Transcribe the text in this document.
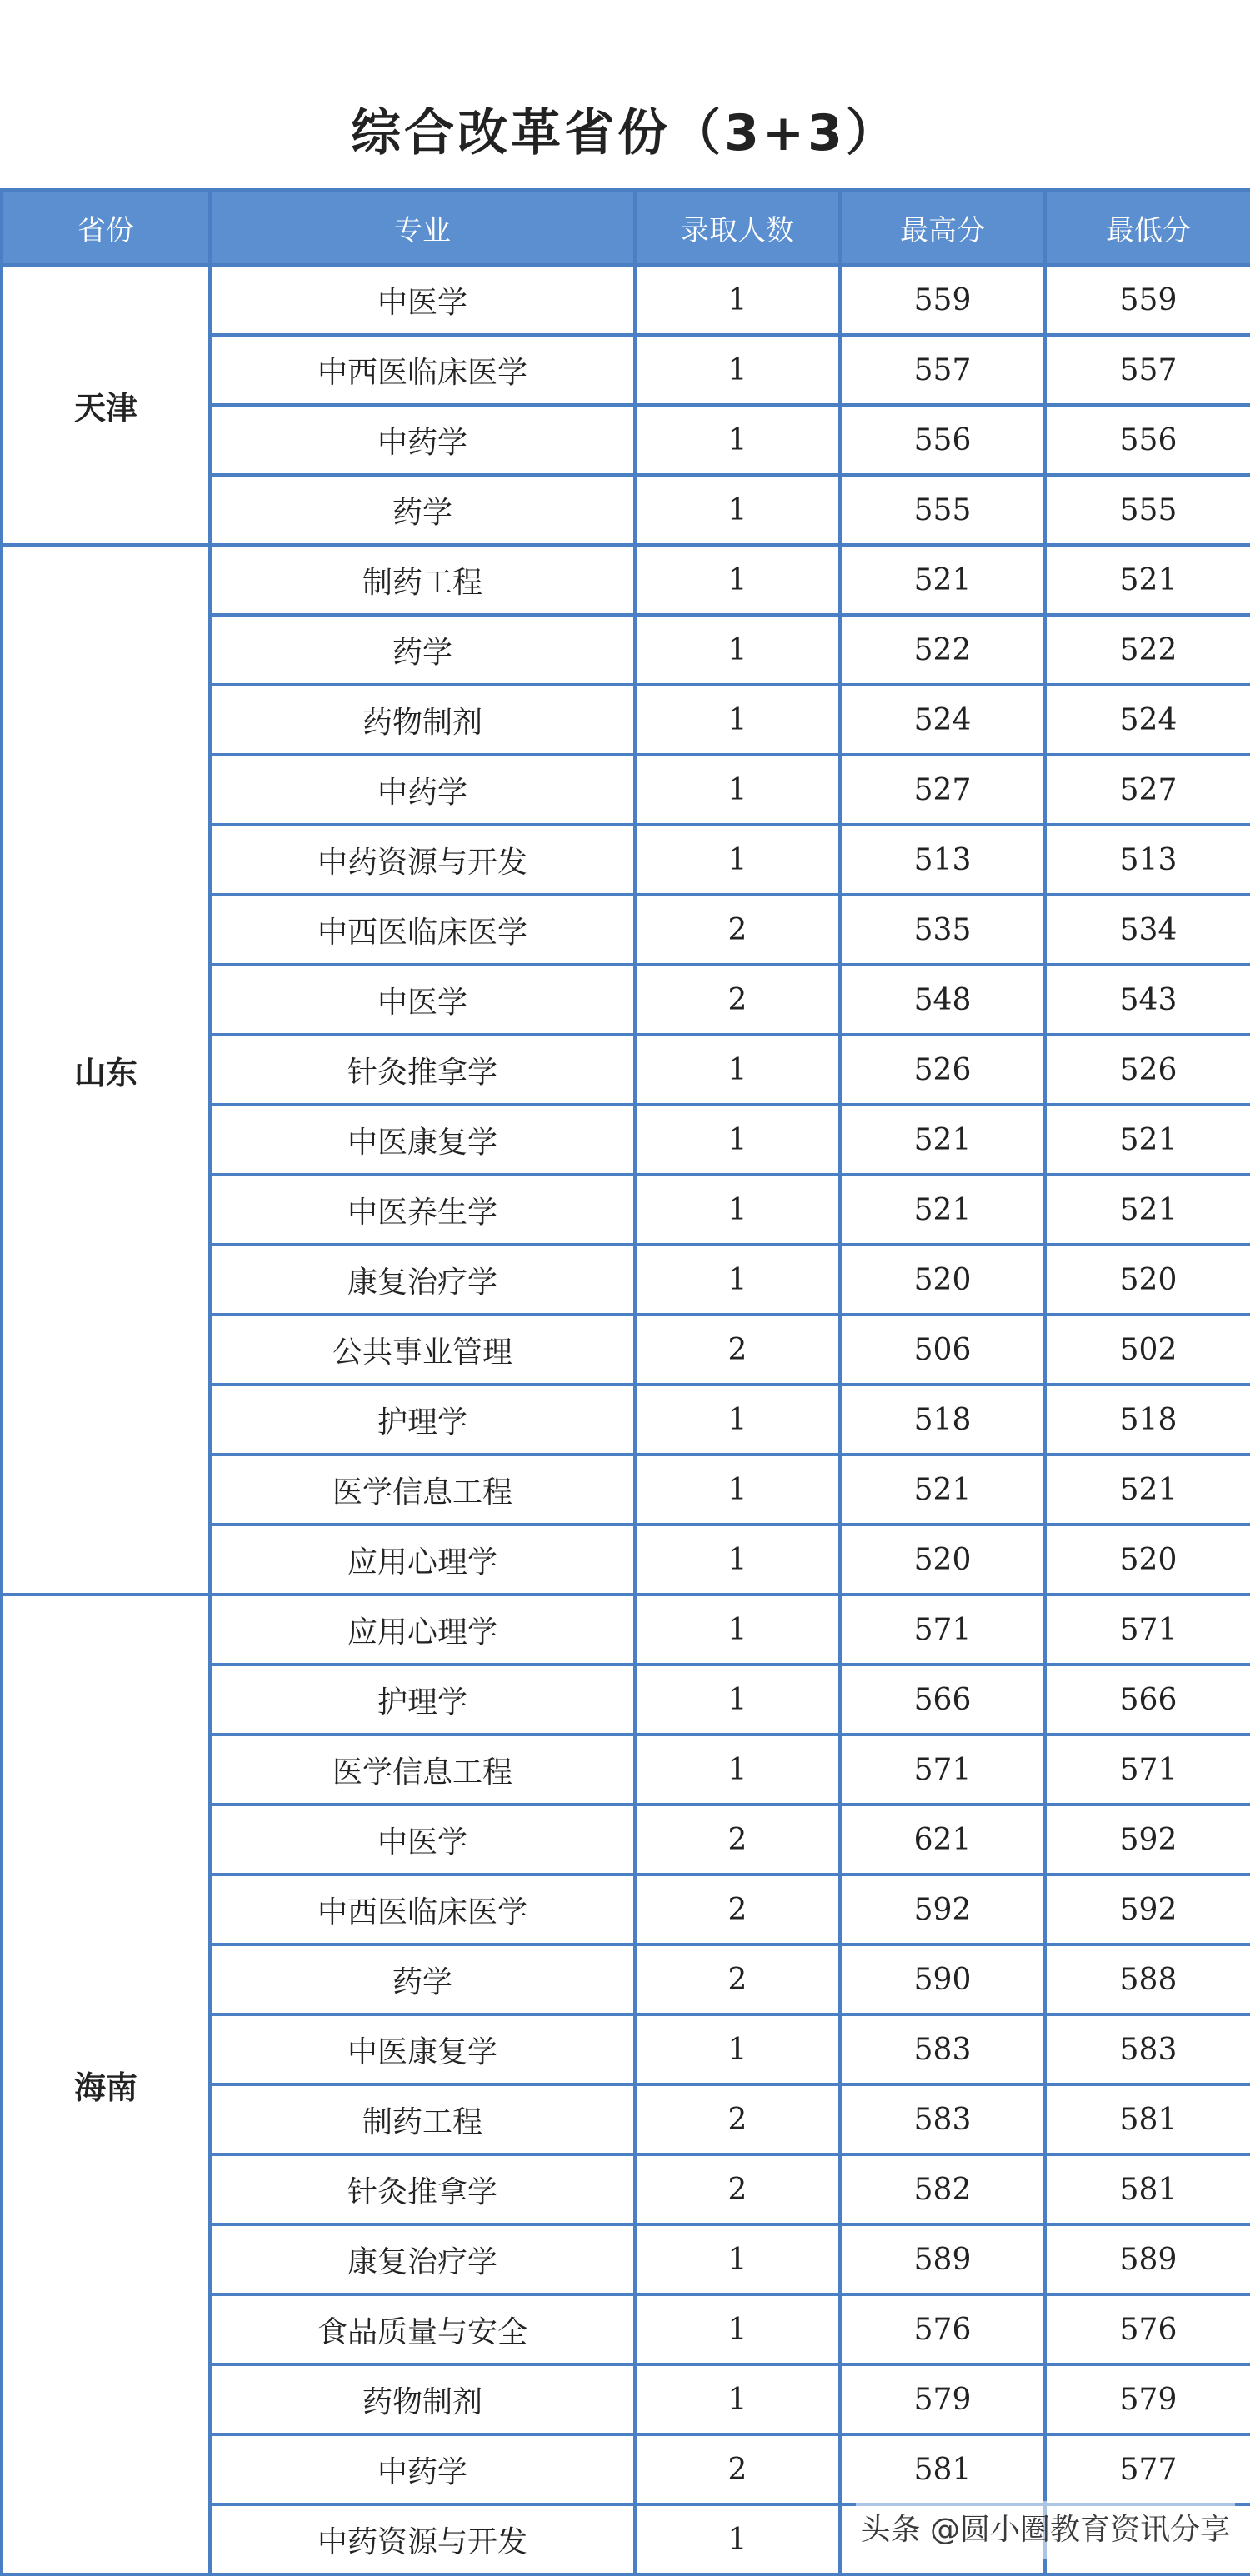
综合改革省份（3+3）
省份	专业	录取人数	最高分	最低分
天津	中医学	1	559	559
	中西医临床医学	1	557	557
	中药学	1	556	556
	药学	1	555	555
山东	制药工程	1	521	521
	药学	1	522	522
	药物制剂	1	524	524
	中药学	1	527	527
	中药资源与开发	1	513	513
	中西医临床医学	2	535	534
	中医学	2	548	543
	针灸推拿学	1	526	526
	中医康复学	1	521	521
	中医养生学	1	521	521
	康复治疗学	1	520	520
	公共事业管理	2	506	502
	护理学	1	518	518
	医学信息工程	1	521	521
	应用心理学	1	520	520
海南	应用心理学	1	571	571
	护理学	1	566	566
	医学信息工程	1	571	571
	中医学	2	621	592
	中西医临床医学	2	592	592
	药学	2	590	588
	中医康复学	1	583	583
	制药工程	2	583	581
	针灸推拿学	2	582	581
	康复治疗学	1	589	589
	食品质量与安全	1	576	576
	药物制剂	1	579	579
	中药学	2	581	577
	中药资源与开发	1			头条 @圆小圈教育资讯分享
